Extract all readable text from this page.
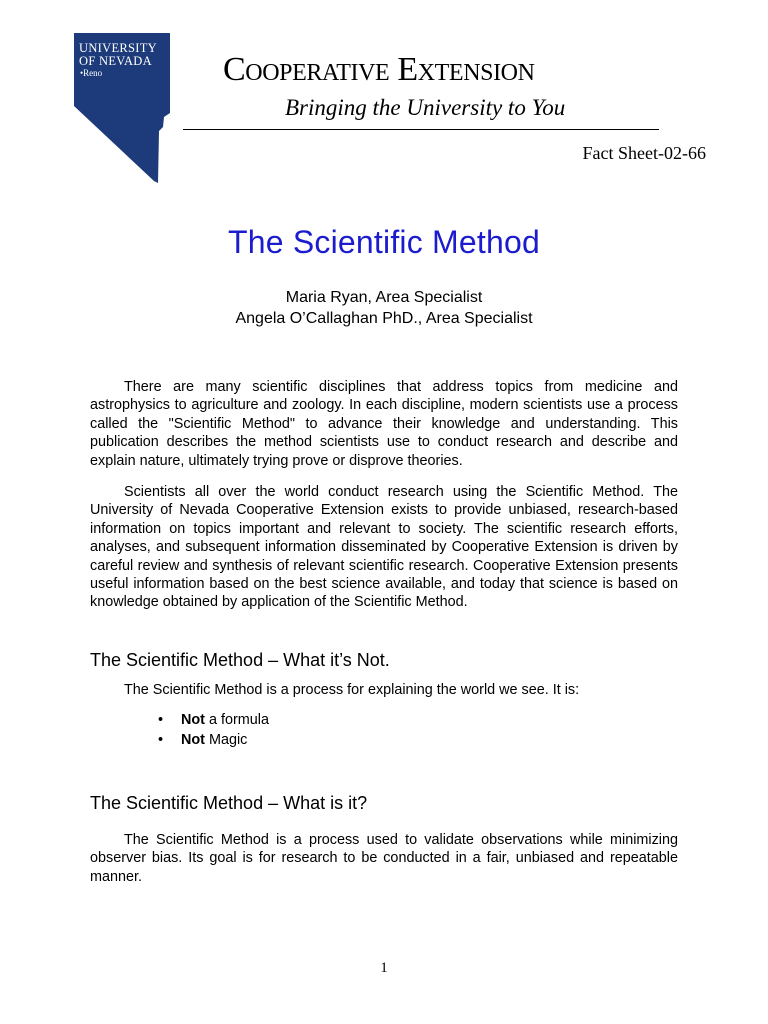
UNIVERSITY
OF NEVADA
•Reno	Cooperative Extension
Bringing the University to You
Fact Sheet-02-66
The Scientific Method
Maria Ryan, Area Specialist
Angela O’Callaghan PhD., Area Specialist

There are many scientific disciplines that address topics from medicine and astrophysics to agriculture and zoology. In each discipline, modern scientists use a process called the "Scientific Method" to advance their knowledge and understanding. This publication describes the method scientists use to conduct research and describe and explain nature, ultimately trying prove or disprove theories.

Scientists all over the world conduct research using the Scientific Method. The University of Nevada Cooperative Extension exists to provide unbiased, research-based information on topics important and relevant to society. The scientific research efforts, analyses, and subsequent information disseminated by Cooperative Extension is driven by careful review and synthesis of relevant scientific research. Cooperative Extension presents useful information based on the best science available, and today that science is based on knowledge obtained by application of the Scientific Method.

The Scientific Method – What it’s Not.

The Scientific Method is a process for explaining the world we see. It is:

• Not a formula
• Not Magic
The Scientific Method – What is it?

The Scientific Method is a process used to validate observations while minimizing observer bias. Its goal is for research to be conducted in a fair, unbiased and repeatable manner.

1
